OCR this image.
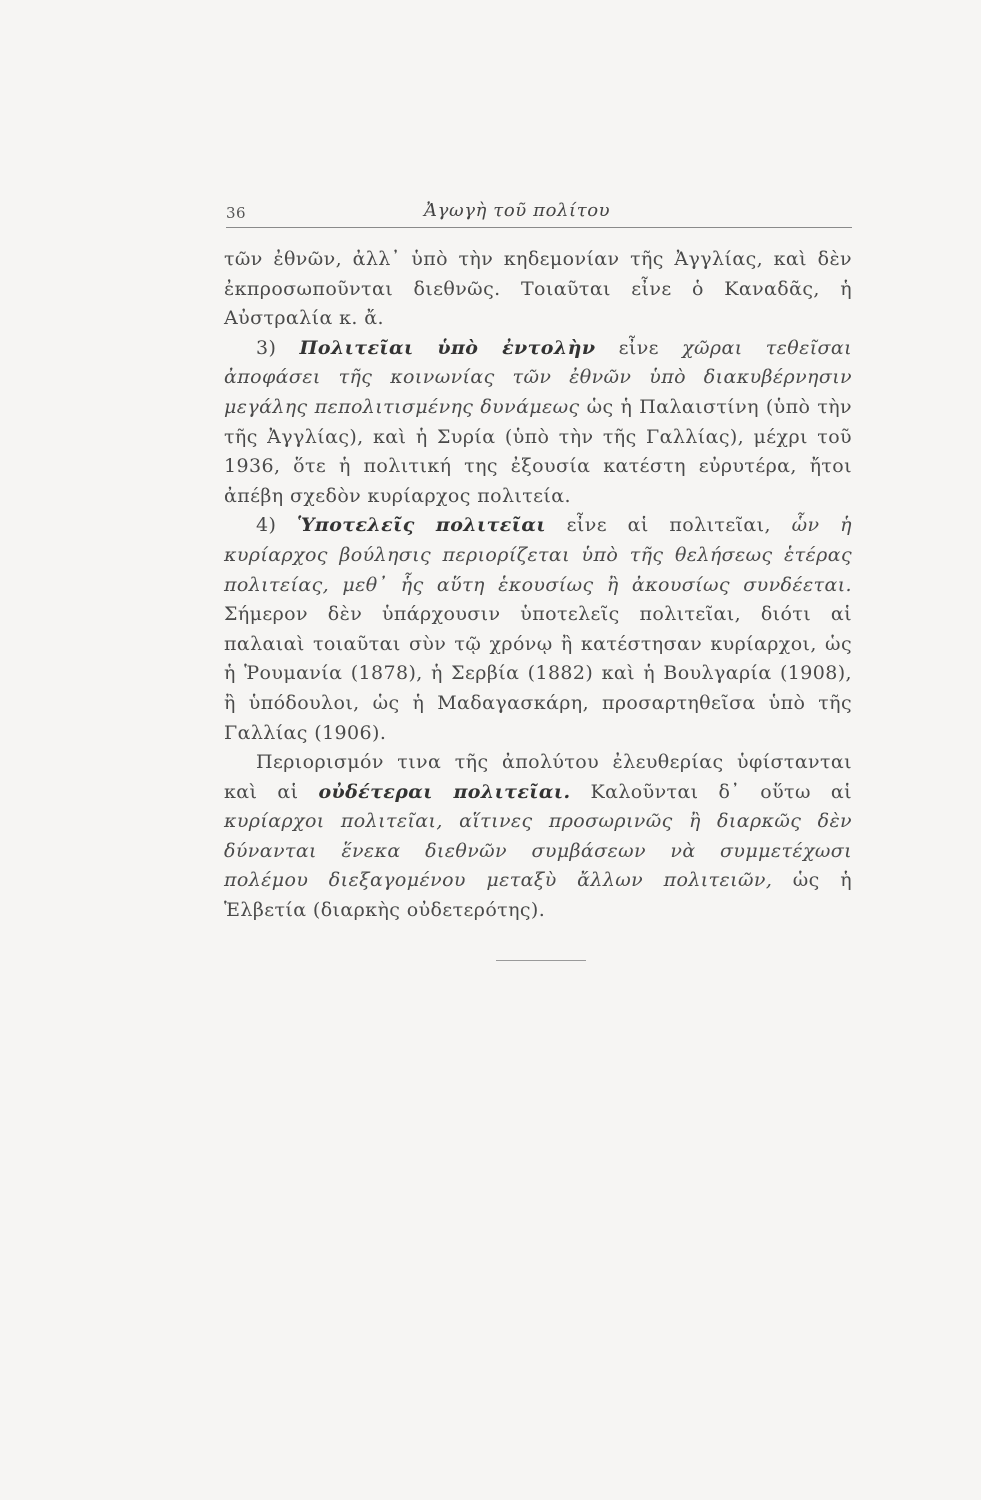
36	Ἀγωγὴ τοῦ πολίτου

τῶν ἐθνῶν, ἀλλ᾽ ὑπὸ τὴν κηδεμονίαν τῆς Ἀγγλίας, καὶ δὲν ἐκπροσωποῦνται διεθνῶς. Τοιαῦται εἶνε ὁ Καναδᾶς, ἡ Αὐστραλία κ. ἄ.

3) Πολιτεῖαι ὑπὸ ἐντολὴν εἶνε χῶραι τεθεῖσαι ἀποφάσει τῆς κοινωνίας τῶν ἐθνῶν ὑπὸ διακυβέρνησιν μεγάλης πεπολιτισμένης δυνάμεως ὡς ἡ Παλαιστίνη (ὑπὸ τὴν τῆς Ἀγγλίας), καὶ ἡ Συρία (ὑπὸ τὴν τῆς Γαλλίας), μέχρι τοῦ 1936, ὅτε ἡ πολιτική της ἐξουσία κατέστη εὐρυτέρα, ἤτοι ἀπέβη σχεδὸν κυρίαρχος πολιτεία.

4) Ὑποτελεῖς πολιτεῖαι εἶνε αἱ πολιτεῖαι, ὧν ἡ κυρίαρχος βούλησις περιορίζεται ὑπὸ τῆς θελήσεως ἑτέρας πολιτείας, μεθ᾽ ἧς αὕτη ἑκουσίως ἢ ἀκουσίως συνδέεται. Σήμερον δὲν ὑπάρχουσιν ὑποτελεῖς πολιτεῖαι, διότι αἱ παλαιαὶ τοιαῦται σὺν τῷ χρόνῳ ἢ κατέστησαν κυρίαρχοι, ὡς ἡ Ῥουμανία (1878), ἡ Σερβία (1882) καὶ ἡ Βουλγαρία (1908), ἢ ὑπόδουλοι, ὡς ἡ Μαδαγασκάρη, προσαρτηθεῖσα ὑπὸ τῆς Γαλλίας (1906).

Περιορισμόν τινα τῆς ἀπολύτου ἐλευθερίας ὑφίστανται καὶ αἱ οὐδέτεραι πολιτεῖαι. Καλοῦνται δ᾽ οὕτω αἱ κυρίαρχοι πολιτεῖαι, αἵτινες προσωρινῶς ἢ διαρκῶς δὲν δύνανται ἕνεκα διεθνῶν συμβάσεων νὰ συμμετέχωσι πολέμου διεξαγομένου μεταξὺ ἄλλων πολιτειῶν, ὡς ἡ Ἑλβετία (διαρκὴς οὐδετερότης).
